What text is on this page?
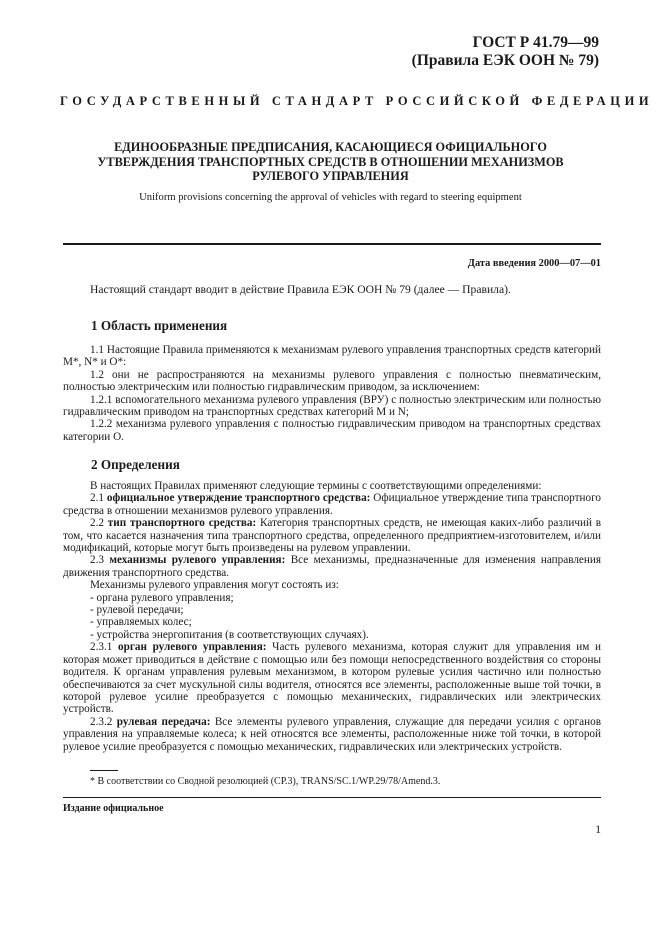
ГОСТ Р 41.79—99
(Правила ЕЭК ООН № 79)
ГОСУДАРСТВЕННЫЙ СТАНДАРТ РОССИЙСКОЙ ФЕДЕРАЦИИ
ЕДИНООБРАЗНЫЕ ПРЕДПИСАНИЯ, КАСАЮЩИЕСЯ ОФИЦИАЛЬНОГО
УТВЕРЖДЕНИЯ ТРАНСПОРТНЫХ СРЕДСТВ В ОТНОШЕНИИ МЕХАНИЗМОВ
РУЛЕВОГО УПРАВЛЕНИЯ
Uniform provisions concerning the approval of vehicles with regard to steering equipment
Дата введения 2000—07—01
Настоящий стандарт вводит в действие Правила ЕЭК ООН № 79 (далее — Правила).
1 Область применения

1.1 Настоящие Правила применяются к механизмам рулевого управления транспортных средств категорий M*, N* и O*:

1.2 они не распространяются на механизмы рулевого управления с полностью пневматическим, полностью электрическим или полностью гидравлическим приводом, за исключением:

1.2.1 вспомогательного механизма рулевого управления (ВРУ) с полностью электрическим или полностью гидравлическим приводом на транспортных средствах категорий M и N;

1.2.2 механизма рулевого управления с полностью гидравлическим приводом на транспортных средствах категории O.

2 Определения

В настоящих Правилах применяют следующие термины с соответствующими определениями:

2.1 официальное утверждение транспортного средства: Официальное утверждение типа транспортного средства в отношении механизмов рулевого управления.

2.2 тип транспортного средства: Категория транспортных средств, не имеющая каких-либо различий в том, что касается назначения типа транспортного средства, определенного предприятием-изготовителем, и/или модификаций, которые могут быть произведены на рулевом управлении.

2.3 механизмы рулевого управления: Все механизмы, предназначенные для изменения направления движения транспортного средства.

Механизмы рулевого управления могут состоять из:

- органа рулевого управления;

- рулевой передачи;

- управляемых колес;

- устройства энергопитания (в соответствующих случаях).

2.3.1 орган рулевого управления: Часть рулевого механизма, которая служит для управления им и которая может приводиться в действие с помощью или без помощи непосредственного воздействия со стороны водителя. К органам управления рулевым механизмом, в котором рулевые усилия частично или полностью обеспечиваются за счет мускульной силы водителя, относятся все элементы, расположенные выше той точки, в которой рулевое усилие преобразуется с помощью механических, гидравлических или электрических устройств.

2.3.2 рулевая передача: Все элементы рулевого управления, служащие для передачи усилия с органов управления на управляемые колеса; к ней относятся все элементы, расположенные ниже той точки, в которой рулевое усилие преобразуется с помощью механических, гидравлических или электрических устройств.

* В соответствии со Сводной резолюцией (СР.3), TRANS/SC.1/WP.29/78/Amend.3.
Издание официальное
1
